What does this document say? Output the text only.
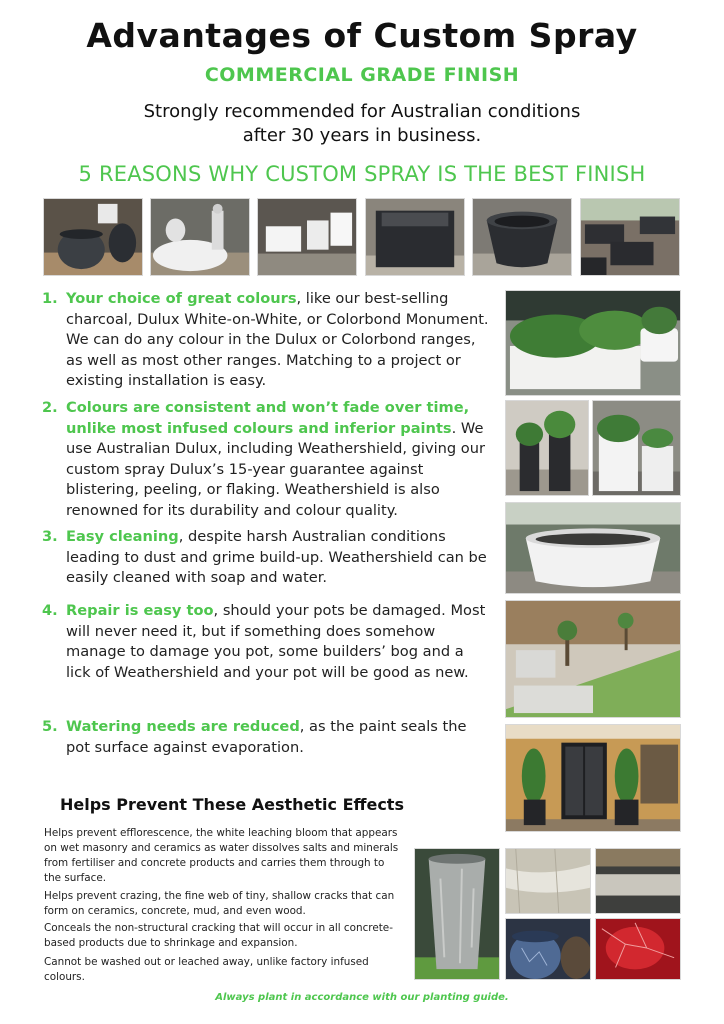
Advantages of Custom Spray
COMMERCIAL GRADE FINISH
Strongly recommended for Australian conditions
after 30 years in business.
5 REASONS WHY CUSTOM SPRAY IS THE BEST FINISH
1. Your choice of great colours, like our best-selling charcoal, Dulux White-on-White, or Colorbond Monument. We can do any colour in the Dulux or Colorbond ranges, as well as most other ranges. Matching to a project or existing installation is easy.
2. Colours are consistent and won’t fade over time, unlike most infused colours and inferior paints. We use Australian Dulux, including Weathershield, giving our custom spray Dulux’s 15-year guarantee against blistering, peeling, or flaking. Weathershield is also renowned for its durability and colour quality.
3. Easy cleaning, despite harsh Australian conditions leading to dust and grime build-up. Weathershield can be easily cleaned with soap and water.
4. Repair is easy too, should your pots be damaged. Most will never need it, but if something does somehow manage to damage you pot, some builders’ bog and a lick of Weathershield and your pot will be good as new.
5. Watering needs are reduced, as the paint seals the pot surface against evaporation.
Helps Prevent These Aesthetic Effects
Helps prevent efflorescence, the white leaching bloom that appears on wet masonry and ceramics as water dissolves salts and minerals from fertiliser and concrete products and carries them through to the surface.
Helps prevent crazing, the fine web of tiny, shallow cracks that can form on ceramics, concrete, mud, and even wood.
Conceals the non-structural cracking that will occur in all concrete-based products due to shrinkage and expansion.
Cannot be washed out or leached away, unlike factory infused colours.
Always plant in accordance with our planting guide.
